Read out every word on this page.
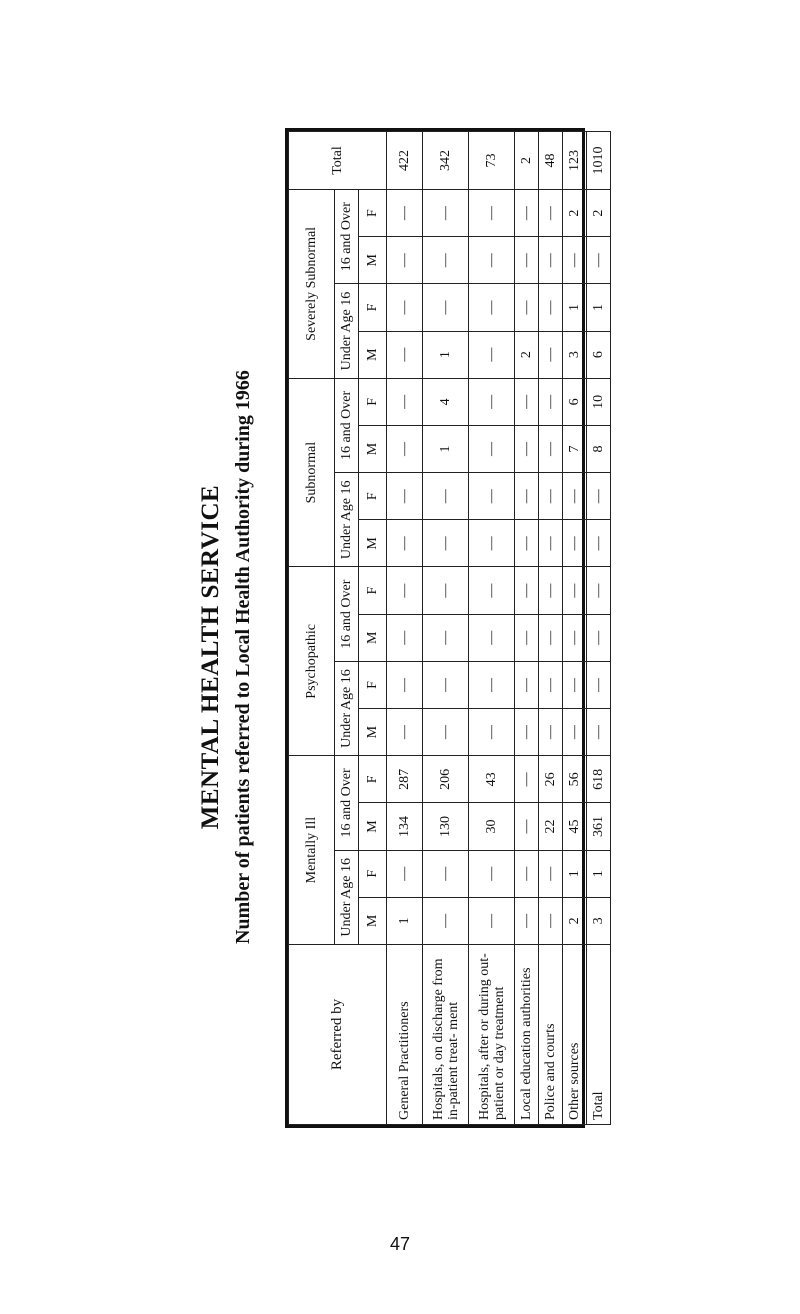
MENTAL HEALTH SERVICE Number of patients referred to Local Health Authority during 1966
Referred by	Mentally Ill				Psychopathic				Subnormal				Severely Subnormal				Total
	Under Age 16		16 and Over		Under Age 16		16 and Over		Under Age 16		16 and Over		Under Age 16		16 and Over		
	M	F	M	F	M	F	M	F	M	F	M	F	M	F	M	F	
General Practitioners	1	—	134	287	—	—	—	—	—	—	—	—	—	—	—	—	422
Hospitals, on discharge from in-patient treat- ment	—	—	130	206	—	—	—	—	—	—	1	4	1	—	—	—	342
Hospitals, after or during out-patient or day treatment	—	—	30	43	—	—	—	—	—	—	—	—	—	—	—	—	73
Local education authorities	—	—	—	—	—	—	—	—	—	—	—	—	2	—	—	—	2
Police and courts	—	—	22	26	—	—	—	—	—	—	—	—	—	—	—	—	48
Other sources	2	1	45	56	—	—	—	—	—	—	7	6	3	1	—	2	123
Total	3	1	361	618	—	—	—	—	—	—	8	10	6	1	—	2	1010
47
